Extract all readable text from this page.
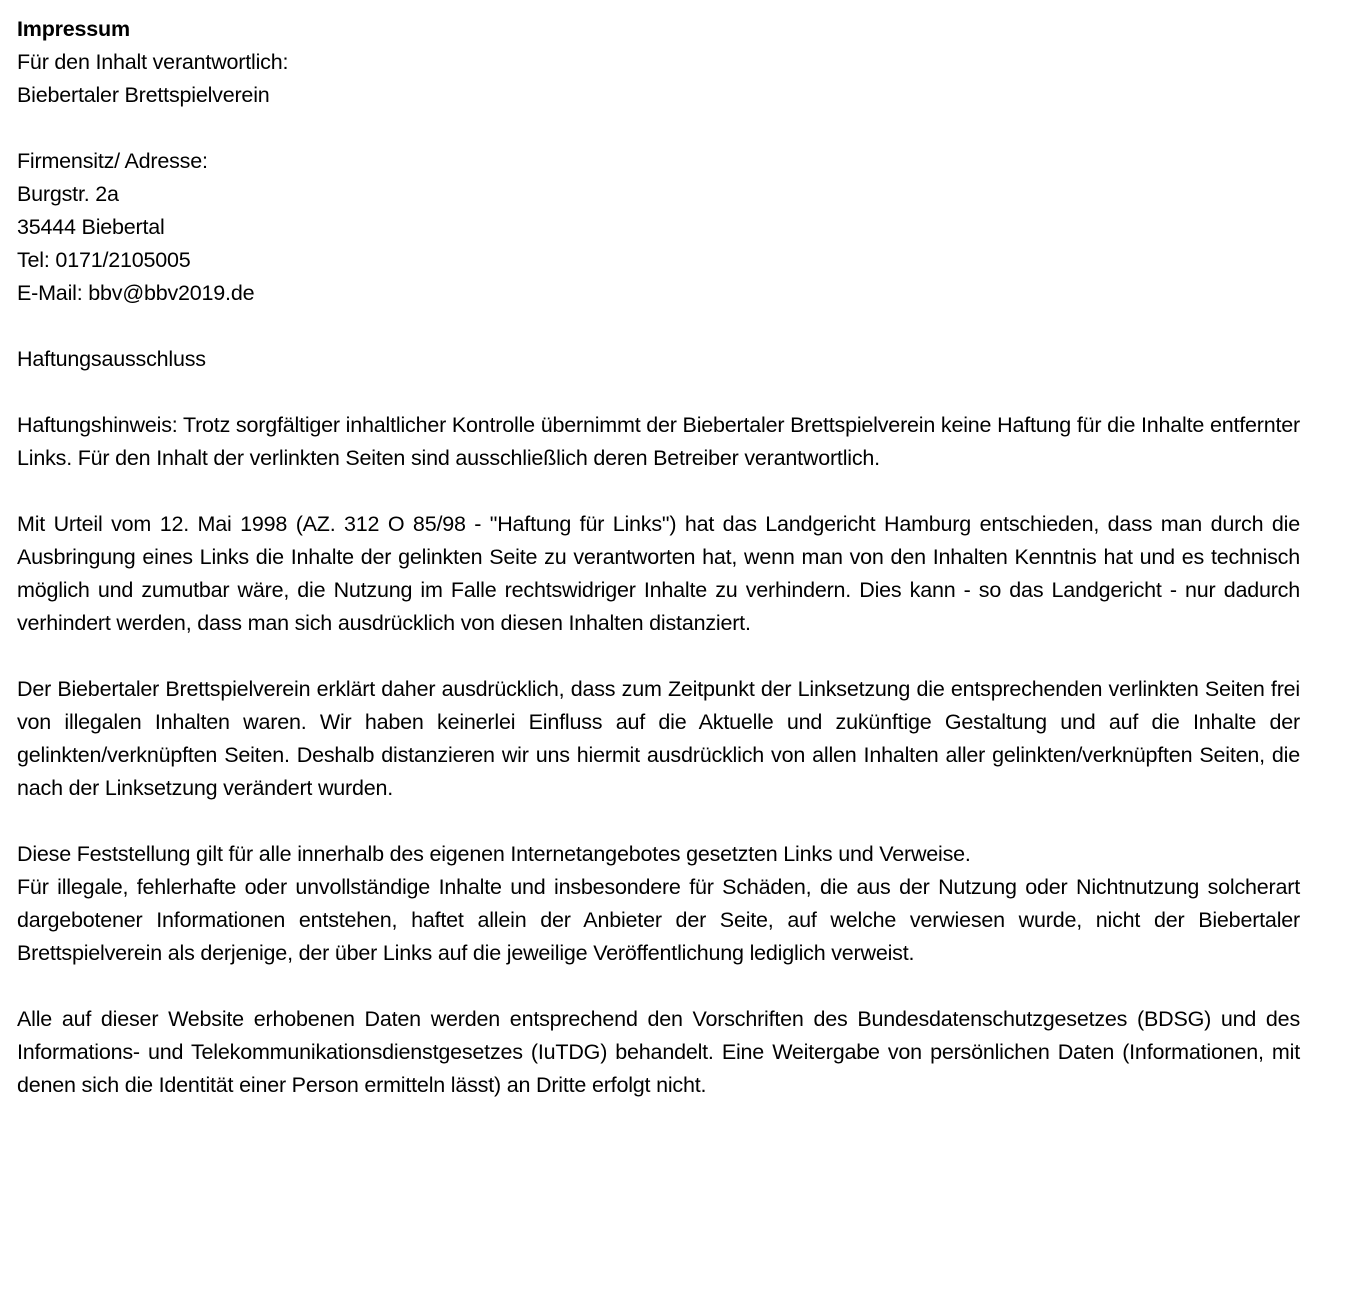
Impressum

Für den Inhalt verantwortlich:

Biebertaler Brettspielverein

Firmensitz/ Adresse:

Burgstr. 2a

35444 Biebertal

Tel: 0171/2105005

E-Mail: bbv@bbv2019.de

Haftungsausschluss

Haftungshinweis: Trotz sorgfältiger inhaltlicher Kontrolle übernimmt der Biebertaler Brettspielverein keine Haftung für die Inhalte entfernter Links. Für den Inhalt der verlinkten Seiten sind ausschließlich deren Betreiber verantwortlich.

Mit Urteil vom 12. Mai 1998 (AZ. 312 O 85/98 - "Haftung für Links") hat das Landgericht Hamburg entschieden, dass man durch die Ausbringung eines Links die Inhalte der gelinkten Seite zu verantworten hat, wenn man von den Inhalten Kenntnis hat und es technisch möglich und zumutbar wäre, die Nutzung im Falle rechtswidriger Inhalte zu verhindern. Dies kann - so das Landgericht - nur dadurch verhindert werden, dass man sich ausdrücklich von diesen Inhalten distanziert.

Der Biebertaler Brettspielverein erklärt daher ausdrücklich, dass zum Zeitpunkt der Linksetzung die entsprechenden verlinkten Seiten frei von illegalen Inhalten waren. Wir haben keinerlei Einfluss auf die Aktuelle und zukünftige Gestaltung und auf die Inhalte der gelinkten/verknüpften Seiten. Deshalb distanzieren wir uns hiermit ausdrücklich von allen Inhalten aller gelinkten/verknüpften Seiten, die nach der Linksetzung verändert wurden.

Diese Feststellung gilt für alle innerhalb des eigenen Internetangebotes gesetzten Links und Verweise.

Für illegale, fehlerhafte oder unvollständige Inhalte und insbesondere für Schäden, die aus der Nutzung oder Nichtnutzung solcherart dargebotener Informationen entstehen, haftet allein der Anbieter der Seite, auf welche verwiesen wurde, nicht der Biebertaler Brettspielverein als derjenige, der über Links auf die jeweilige Veröffentlichung lediglich verweist.

Alle auf dieser Website erhobenen Daten werden entsprechend den Vorschriften des Bundesdatenschutzgesetzes (BDSG) und des Informations- und Telekommunikationsdienstgesetzes (IuTDG) behandelt. Eine Weitergabe von persönlichen Daten (Informationen, mit denen sich die Identität einer Person ermitteln lässt) an Dritte erfolgt nicht.
